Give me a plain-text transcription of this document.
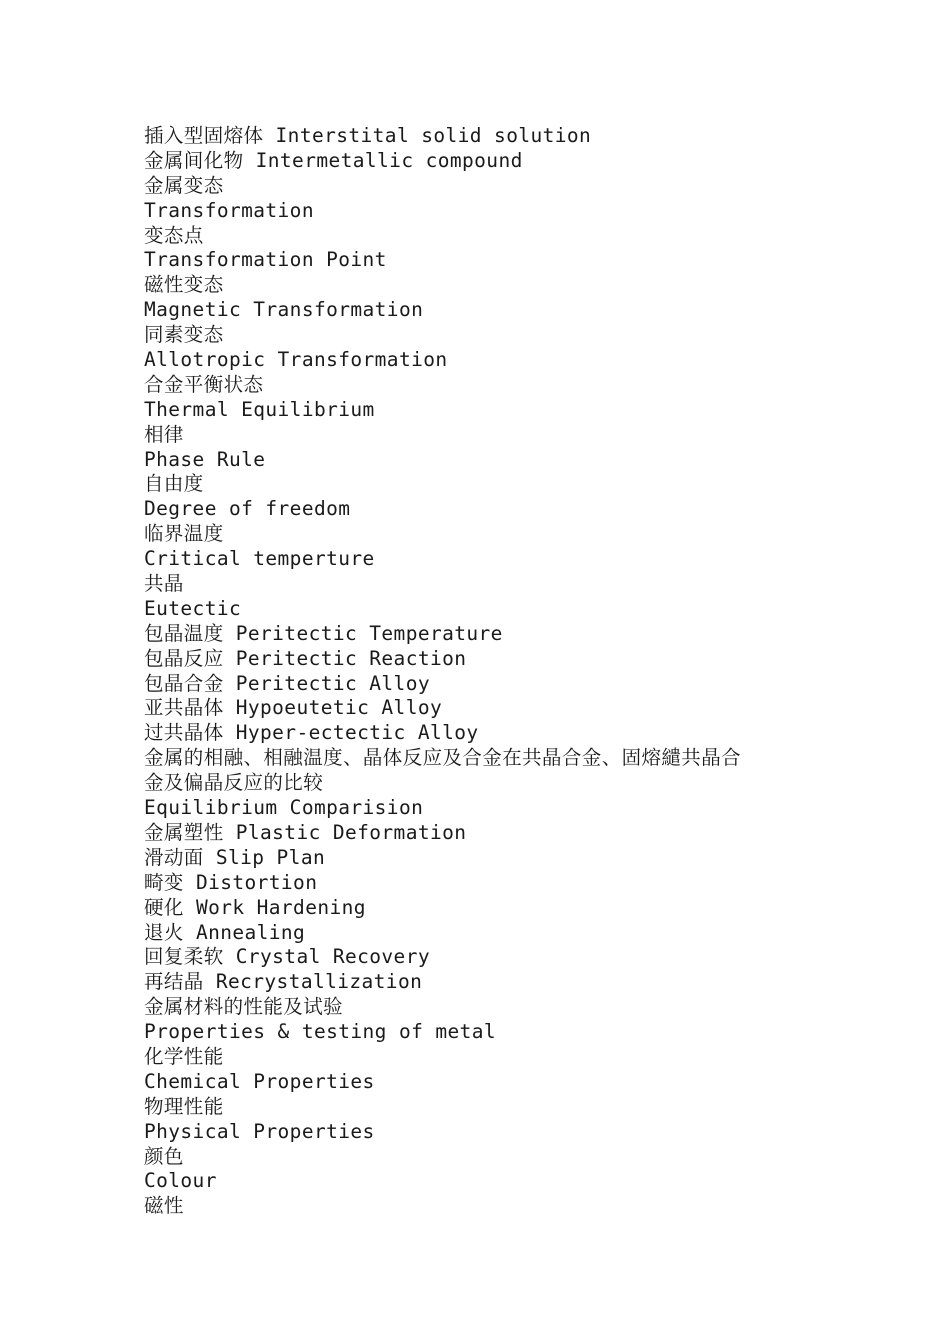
插入型固熔体 Interstital solid solution
金属间化物 Intermetallic compound
金属变态
Transformation
变态点
Transformation Point
磁性变态
Magnetic Transformation
同素变态
Allotropic Transformation
合金平衡状态
Thermal Equilibrium
相律
Phase Rule
自由度
Degree of freedom
临界温度
Critical temperture
共晶
Eutectic
包晶温度 Peritectic Temperature
包晶反应 Peritectic Reaction
包晶合金 Peritectic Alloy
亚共晶体 Hypoeutetic Alloy
过共晶体 Hyper-ectectic Alloy
金属的相融、相融温度、晶体反应及合金在共晶合金、固熔繾共晶合
金及偏晶反应的比较
Equilibrium Comparision
金属塑性 Plastic Deformation
滑动面 Slip Plan
畸变 Distortion
硬化 Work Hardening
退火 Annealing
回复柔软 Crystal Recovery
再结晶 Recrystallization
金属材料的性能及试验
Properties & testing of metal
化学性能
Chemical Properties
物理性能
Physical Properties
颜色
Colour
磁性
